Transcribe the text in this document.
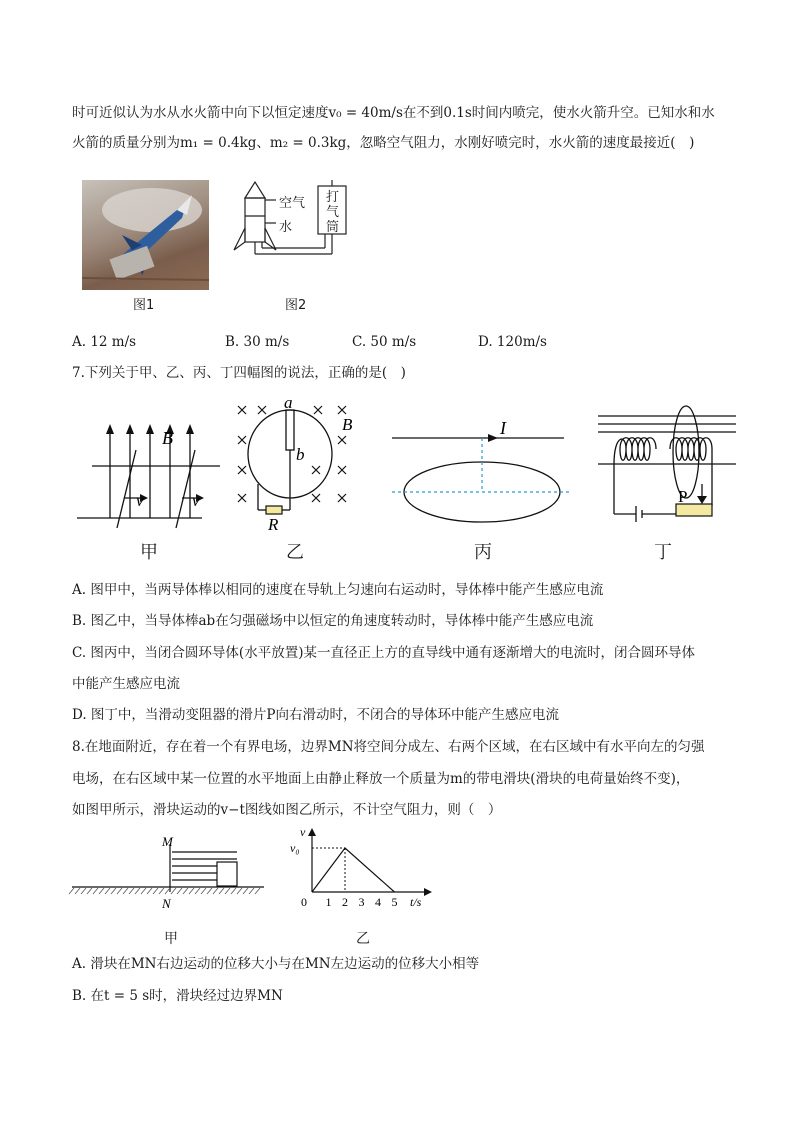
时可近似认为水从水火箭中向下以恒定速度v₀ = 40m/s在不到0.1s时间内喷完，使水火箭升空。已知水和水
火箭的质量分别为m₁ = 0.4kg、m₂ = 0.3kg，忽略空气阻力，水刚好喷完时，水火箭的速度最接近(　)
图1
空气
水
打
气
筒
图2
A. 12 m/s	B. 30 m/s	C. 50 m/s	D. 120m/s
7.下列关于甲、乙、丙、丁四幅图的说法，正确的是(　)
B
v	v
甲
a
b
B
R
乙
I
丙
P
丁
A. 图甲中，当两导体棒以相同的速度在导轨上匀速向右运动时，导体棒中能产生感应电流
B. 图乙中，当导体棒ab在匀强磁场中以恒定的角速度转动时，导体棒中能产生感应电流
C. 图丙中，当闭合圆环导体(水平放置)某一直径正上方的直导线中通有逐渐增大的电流时，闭合圆环导体
中能产生感应电流
D. 图丁中，当滑动变阻器的滑片P向右滑动时，不闭合的导体环中能产生感应电流
8.在地面附近，存在着一个有界电场，边界MN将空间分成左、右两个区域，在右区域中有水平向左的匀强
电场，在右区域中某一位置的水平地面上由静止释放一个质量为m的带电滑块(滑块的电荷量始终不变)，
如图甲所示，滑块运动的v−t图线如图乙所示，不计空气阻力，则（　）
M
N
甲
0 1 2 3 4 5
v₀
v
t/s
乙
A. 滑块在MN右边运动的位移大小与在MN左边运动的位移大小相等
B. 在t = 5 s时，滑块经过边界MN
